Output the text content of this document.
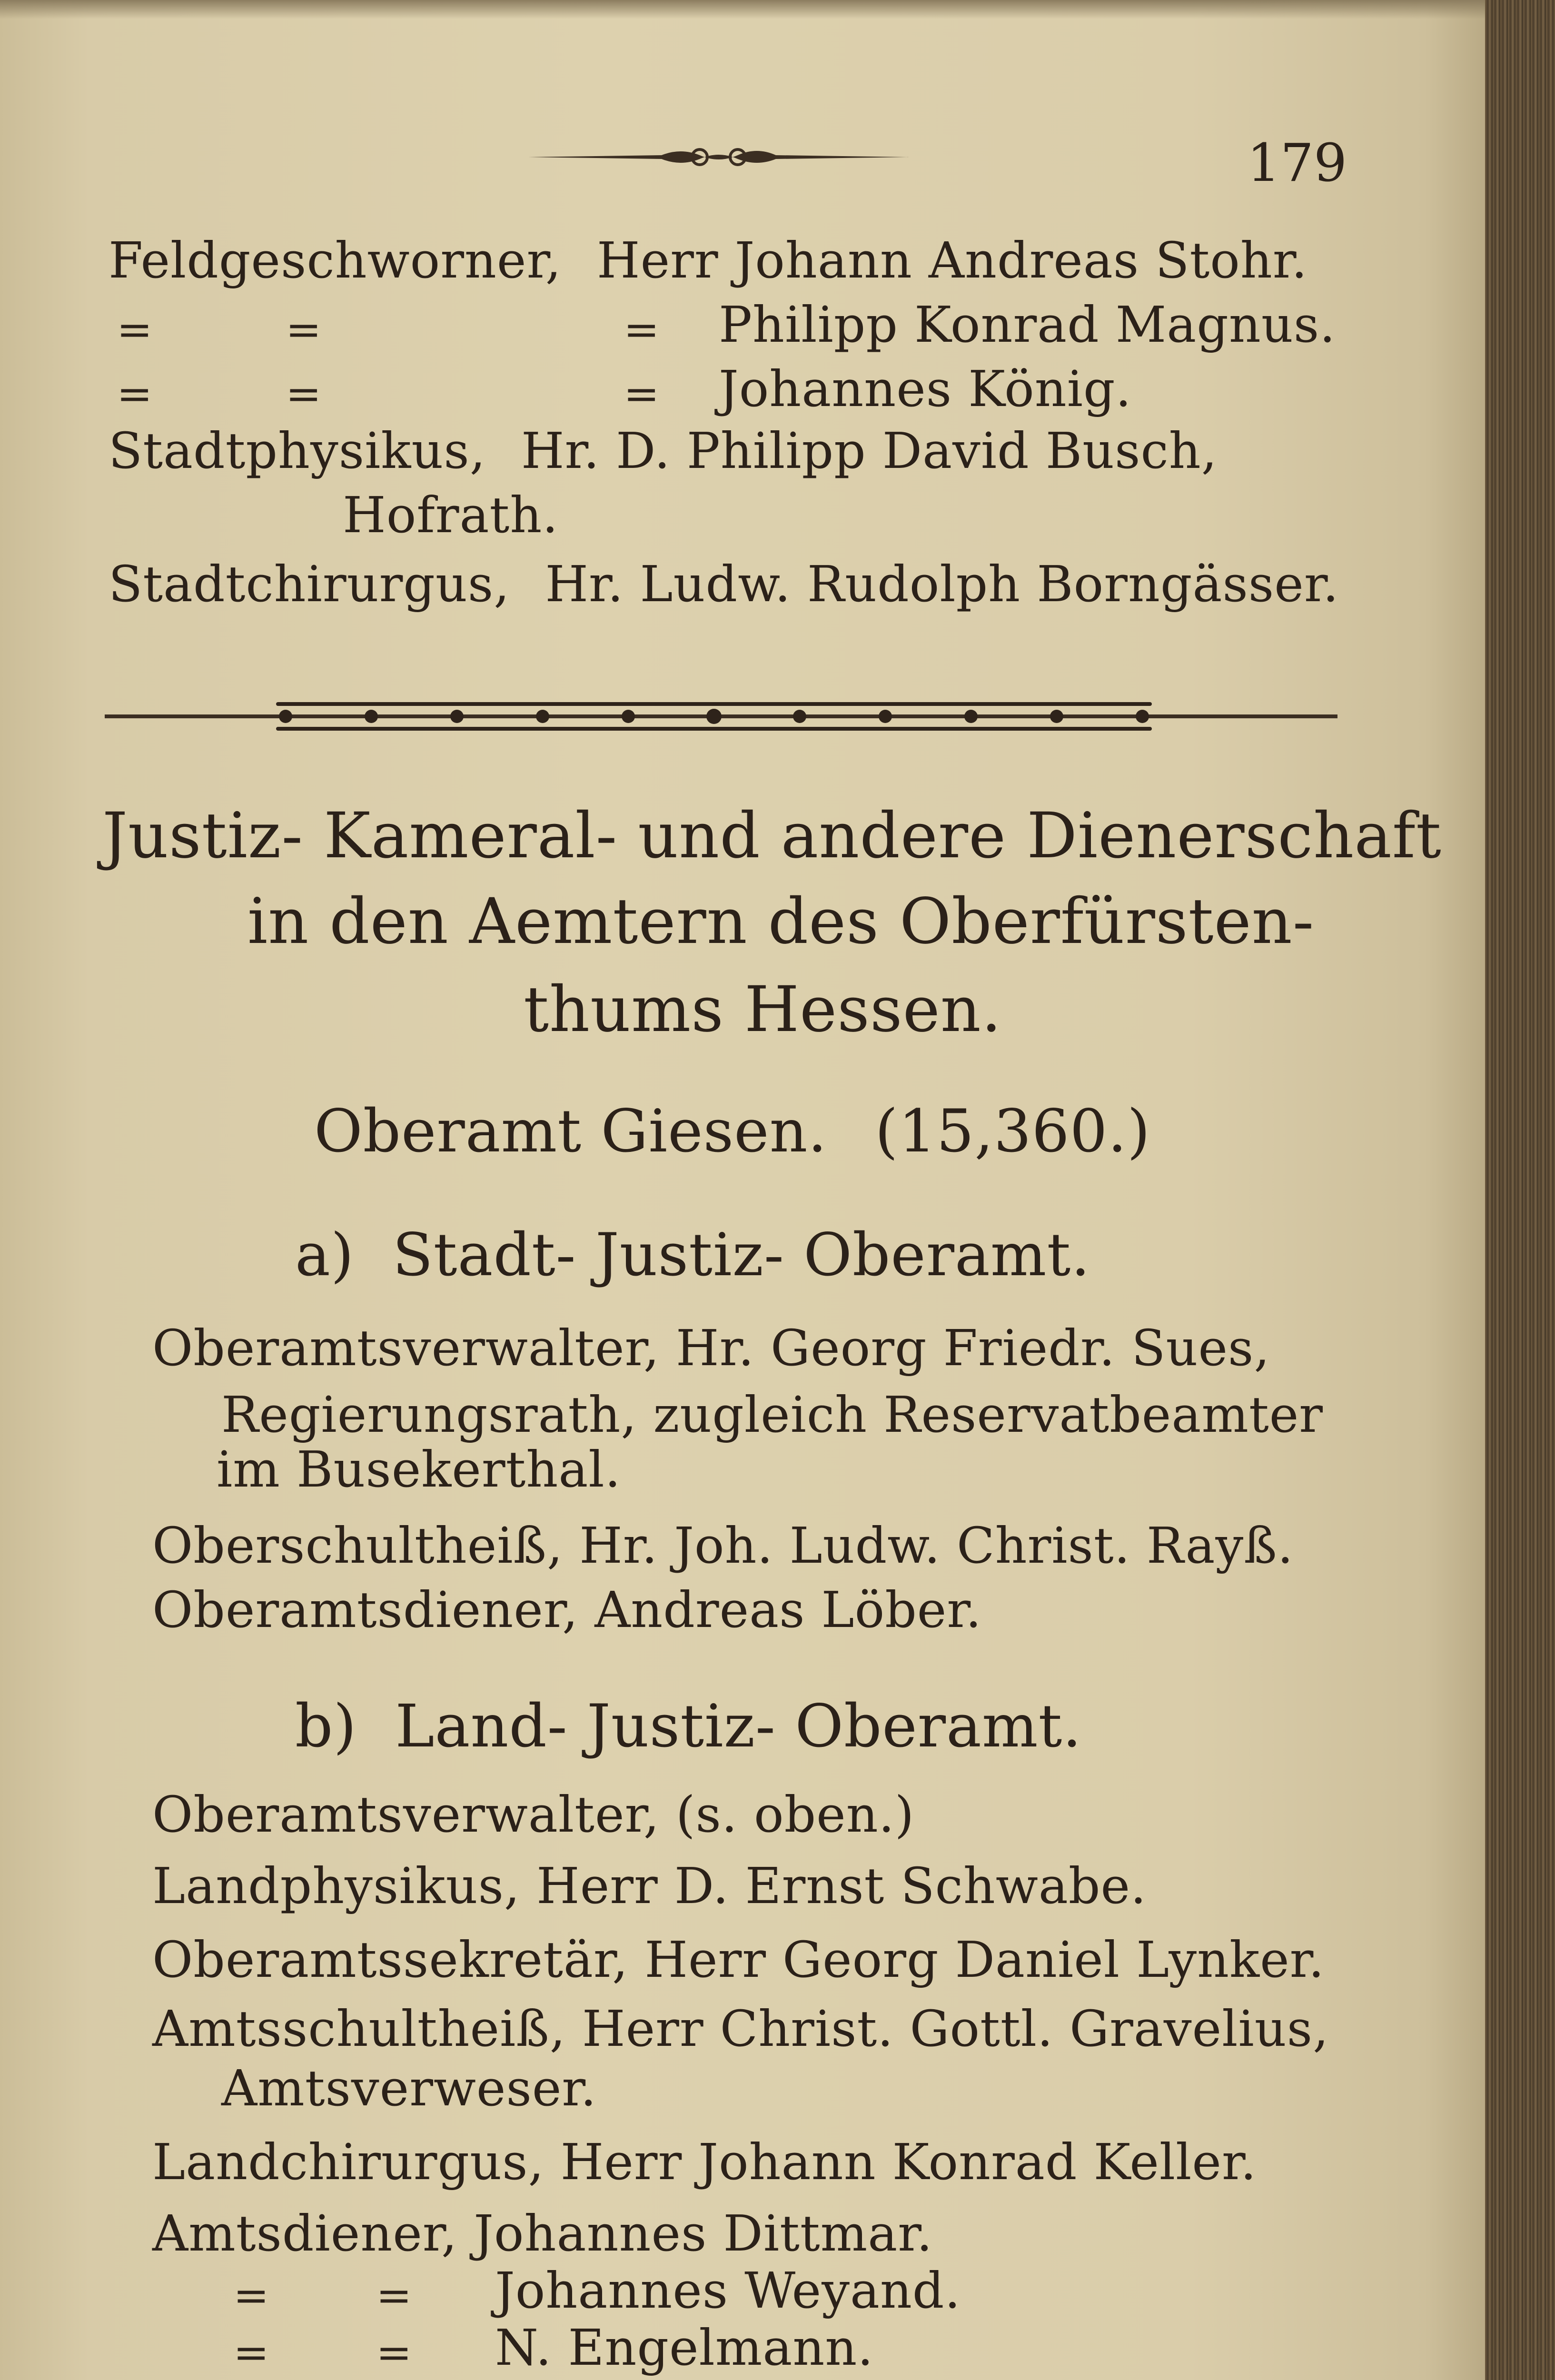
179
Feldgeschworner, Herr Johann Andreas Stohr.
=	=	= Philipp Konrad Magnus.
=	=	= Johannes König.
Stadtphysikus, Hr. D. Philipp David Busch,
Hofrath.
Stadtchirurgus, Hr. Ludw. Rudolph Borngässer.
Justiz- Kameral- und andere Dienerschaft
in den Aemtern des Oberfürsten-
thums Hessen.
Oberamt Giesen. (15,360.)
a) Stadt- Justiz- Oberamt.
Oberamtsverwalter, Hr. Georg Friedr. Sues,
Regierungsrath, zugleich Reservatbeamter
im Busekerthal.
Oberschultheiß, Hr. Joh. Ludw. Christ. Rayß.
Oberamtsdiener, Andreas Löber.
b) Land- Justiz- Oberamt.
Oberamtsverwalter, (s. oben.)
Landphysikus, Herr D. Ernst Schwabe.
Oberamtssekretär, Herr Georg Daniel Lynker.
Amtsschultheiß, Herr Christ. Gottl. Gravelius,
Amtsverweser.
Landchirurgus, Herr Johann Konrad Keller.
Amtsdiener, Johannes Dittmar.
= = Johannes Weyand.
= = N. Engelmann.
